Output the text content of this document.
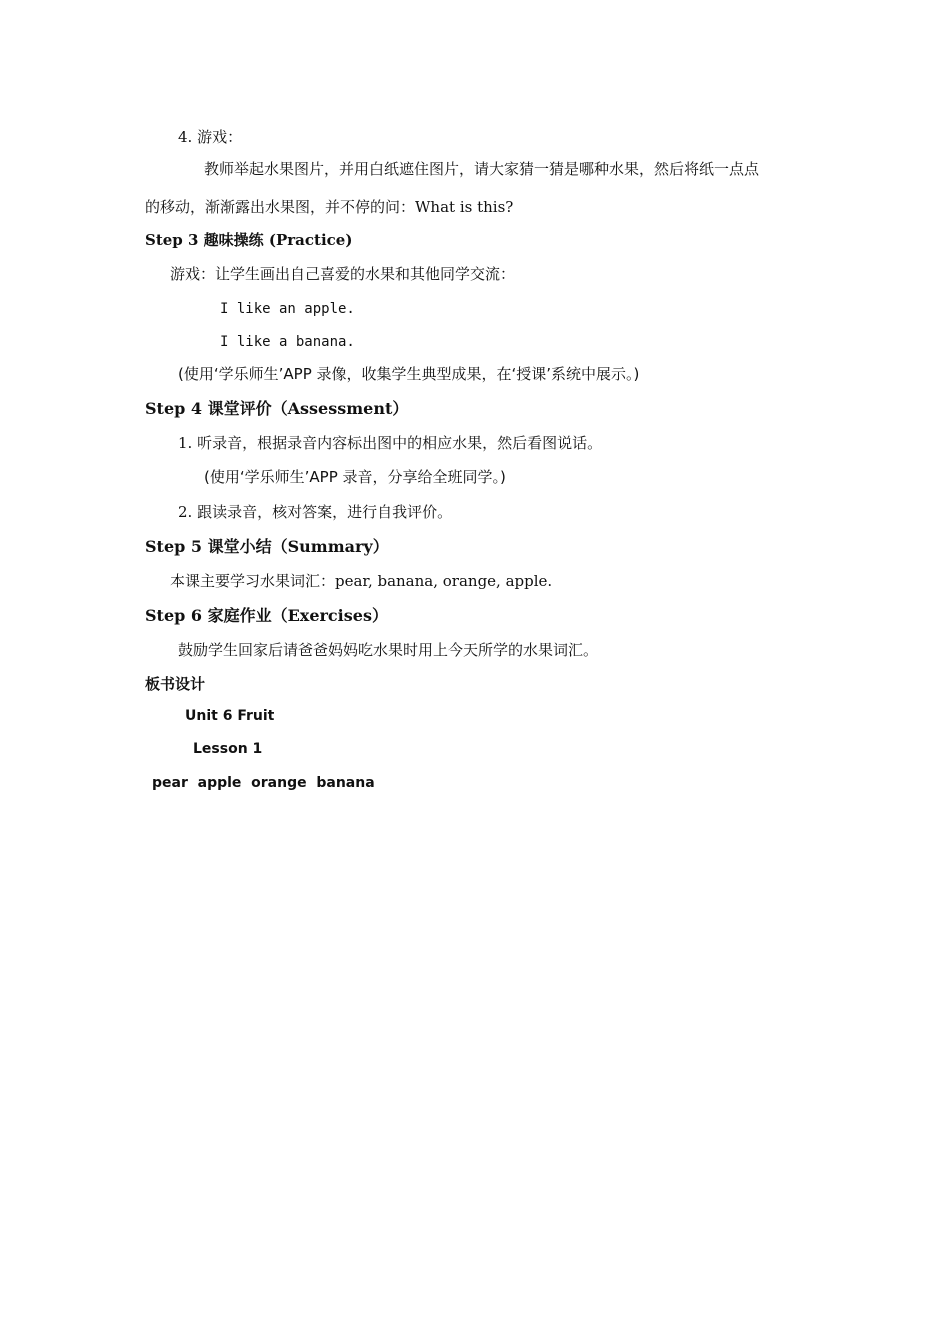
4. 游戏：
教师举起水果图片，并用白纸遮住图片，请大家猜一猜是哪种水果，然后将纸一点点
的移动，渐渐露出水果图，并不停的问：What is this?
Step 3 趣味操练 (Practice)
游戏：让学生画出自己喜爱的水果和其他同学交流：
I like an apple.
I like a banana.
(使用‘学乐师生’APP 录像，收集学生典型成果，在‘授课’系统中展示。)
Step 4 课堂评价（Assessment）
1. 听录音，根据录音内容标出图中的相应水果，然后看图说话。
(使用‘学乐师生’APP 录音，分享给全班同学。)
2. 跟读录音，核对答案，进行自我评价。
Step 5 课堂小结（Summary）
本课主要学习水果词汇：pear, banana, orange, apple.
Step 6 家庭作业（Exercises）
鼓励学生回家后请爸爸妈妈吃水果时用上今天所学的水果词汇。
板书设计
Unit 6 Fruit
Lesson 1
pear  apple  orange  banana
